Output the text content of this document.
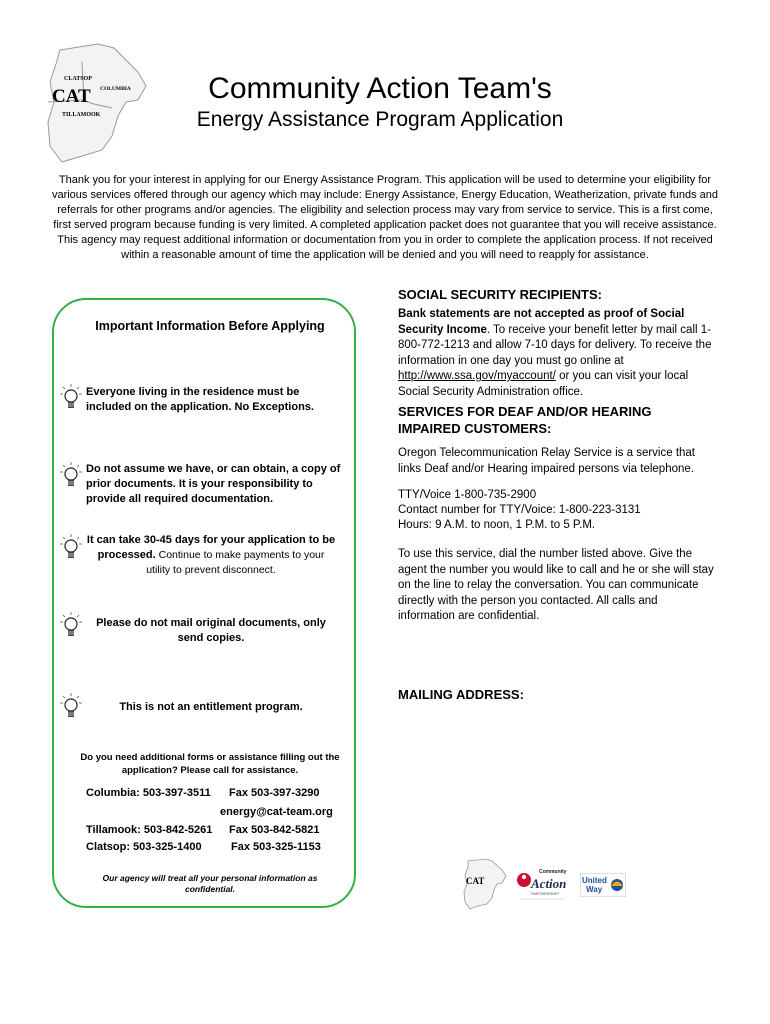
CLATSOP
COLUMBIA
CAT
TILLAMOOK
Community Action Team's
Energy Assistance Program Application
Thank you for your interest in applying for our Energy Assistance Program. This application will be used to determine your eligibility for various services offered through our agency which may include: Energy Assistance, Energy Education, Weatherization, private funds and referrals for other programs and/or agencies. The eligibility and selection process may vary from service to service. This is a first come, first served program because funding is very limited. A completed application packet does not guarantee that you will receive assistance. This agency may request additional information or documentation from you in order to complete the application process. If not received within a reasonable amount of time the application will be denied and you will need to reapply for assistance.
Important Information Before Applying
Everyone living in the residence must be included on the application. No Exceptions.
Do not assume we have, or can obtain, a copy of prior documents. It is your responsibility to provide all required documentation.
It can take 30-45 days for your application to be processed. Continue to make payments to your utility to prevent disconnect.
Please do not mail original documents, only send copies.
This is not an entitlement program.
Do you need additional forms or assistance filling out the application? Please call for assistance.
Columbia: 503-397-3511 Fax 503-397-3290
energy@cat-team.org
Tillamook: 503-842-5261 Fax 503-842-5821
Clatsop: 503-325-1400	Fax 503-325-1153
Our agency will treat all your personal information as confidential.
SOCIAL SECURITY RECIPIENTS:
Bank statements are not accepted as proof of Social Security Income. To receive your benefit letter by mail call 1-800-772-1213 and allow 7-10 days for delivery. To receive the information in one day you must go online at http://www.ssa.gov/myaccount/ or you can visit your local Social Security Administration office.
SERVICES FOR DEAF AND/OR HEARING IMPAIRED CUSTOMERS:
Oregon Telecommunication Relay Service is a service that links Deaf and/or Hearing impaired persons via telephone.
TTY/Voice 1-800-735-2900
Contact number for TTY/Voice: 1-800-223-3131
Hours: 9 A.M. to noon, 1 P.M. to 5 P.M.
To use this service, dial the number listed above. Give the agent the number you would like to call and he or she will stay on the line to relay the conversation. You can communicate directly with the person you contacted. All calls and information are confidential.
MAILING ADDRESS:
CAT
Community
Action
PARTNERSHIP
United
Way
